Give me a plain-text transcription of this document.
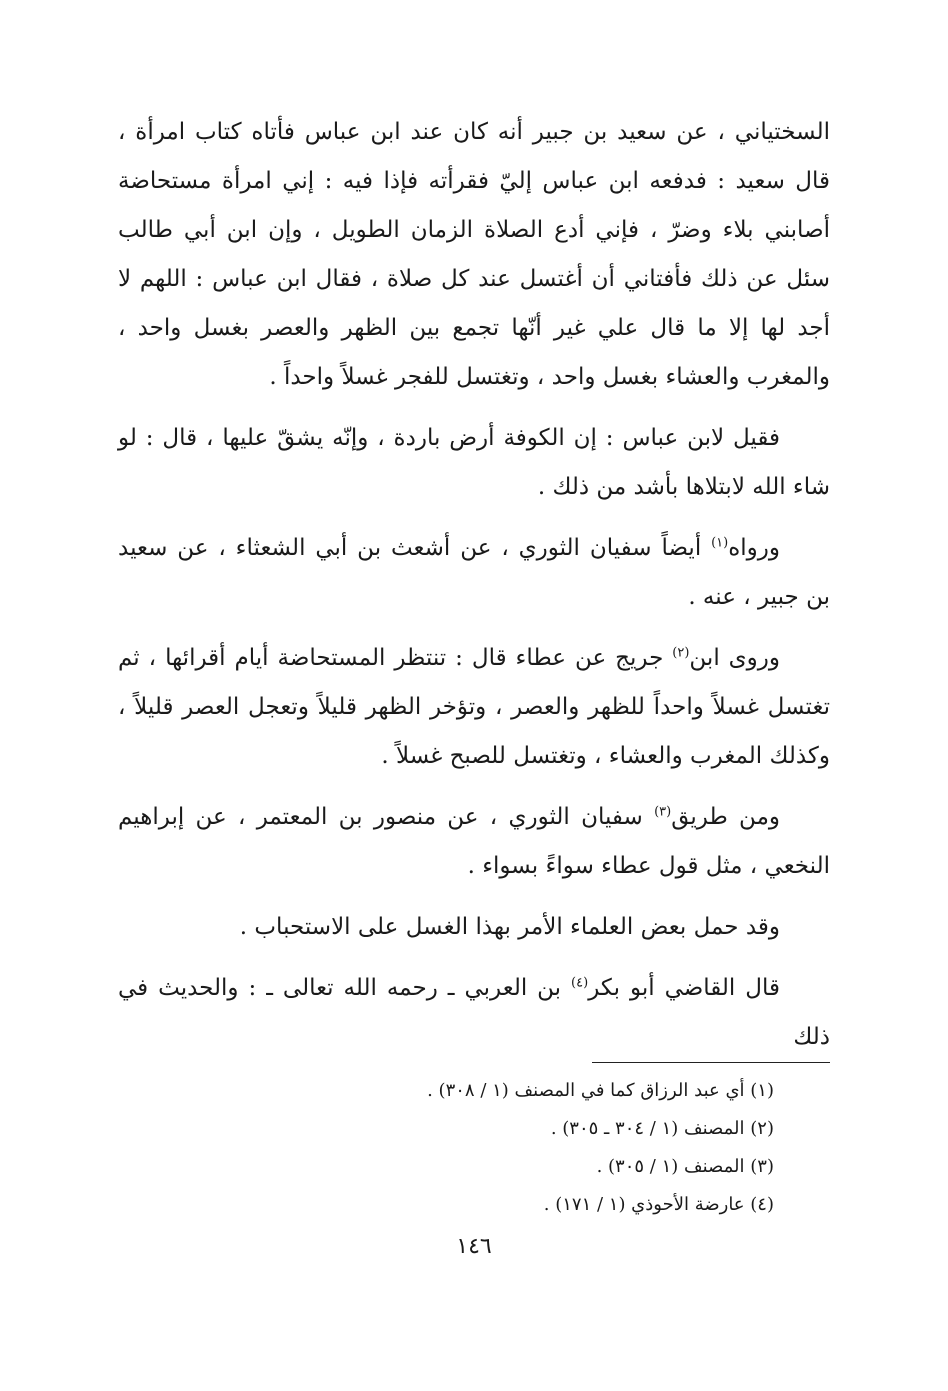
السختياني ، عن سعيد بن جبير أنه كان عند ابن عباس فأتاه كتاب امرأة ، قال سعيد : فدفعه ابن عباس إليّ فقرأته فإذا فيه : إني امرأة مستحاضة أصابني بلاء وضرّ ، فإني أدع الصلاة الزمان الطويل ، وإن ابن أبي طالب سئل عن ذلك فأفتاني أن أغتسل عند كل صلاة ، فقال ابن عباس : اللهم لا أجد لها إلا ما قال علي غير أنّها تجمع بين الظهر والعصر بغسل واحد ، والمغرب والعشاء بغسل واحد ، وتغتسل للفجر غسلاً واحداً .

فقيل لابن عباس : إن الكوفة أرض باردة ، وإنّه يشقّ عليها ، قال : لو شاء الله لابتلاها بأشد من ذلك .

ورواه$^{(١)}$ أيضاً سفيان الثوري ، عن أشعث بن أبي الشعثاء ، عن سعيد بن جبير ، عنه .

وروى ابن$^{(٢)}$ جريج عن عطاء قال : تنتظر المستحاضة أيام أقرائها ، ثم تغتسل غسلاً واحداً للظهر والعصر ، وتؤخر الظهر قليلاً وتعجل العصر قليلاً ، وكذلك المغرب والعشاء ، وتغتسل للصبح غسلاً .

ومن طريق$^{(٣)}$ سفيان الثوري ، عن منصور بن المعتمر ، عن إبراهيم النخعي ، مثل قول عطاء سواءً بسواء .

وقد حمل بعض العلماء الأمر بهذا الغسل على الاستحباب .

قال القاضي أبو بكر$^{(٤)}$ بن العربي ـ رحمه الله تعالى ـ : والحديث في ذلك

(١) أي عبد الرزاق كما في المصنف (١ / ٣٠٨) .

(٢) المصنف (١ / ٣٠٤ ـ ٣٠٥) .

(٣) المصنف (١ / ٣٠٥) .

(٤) عارضة الأحوذي (١ / ١٧١) .

١٤٦
